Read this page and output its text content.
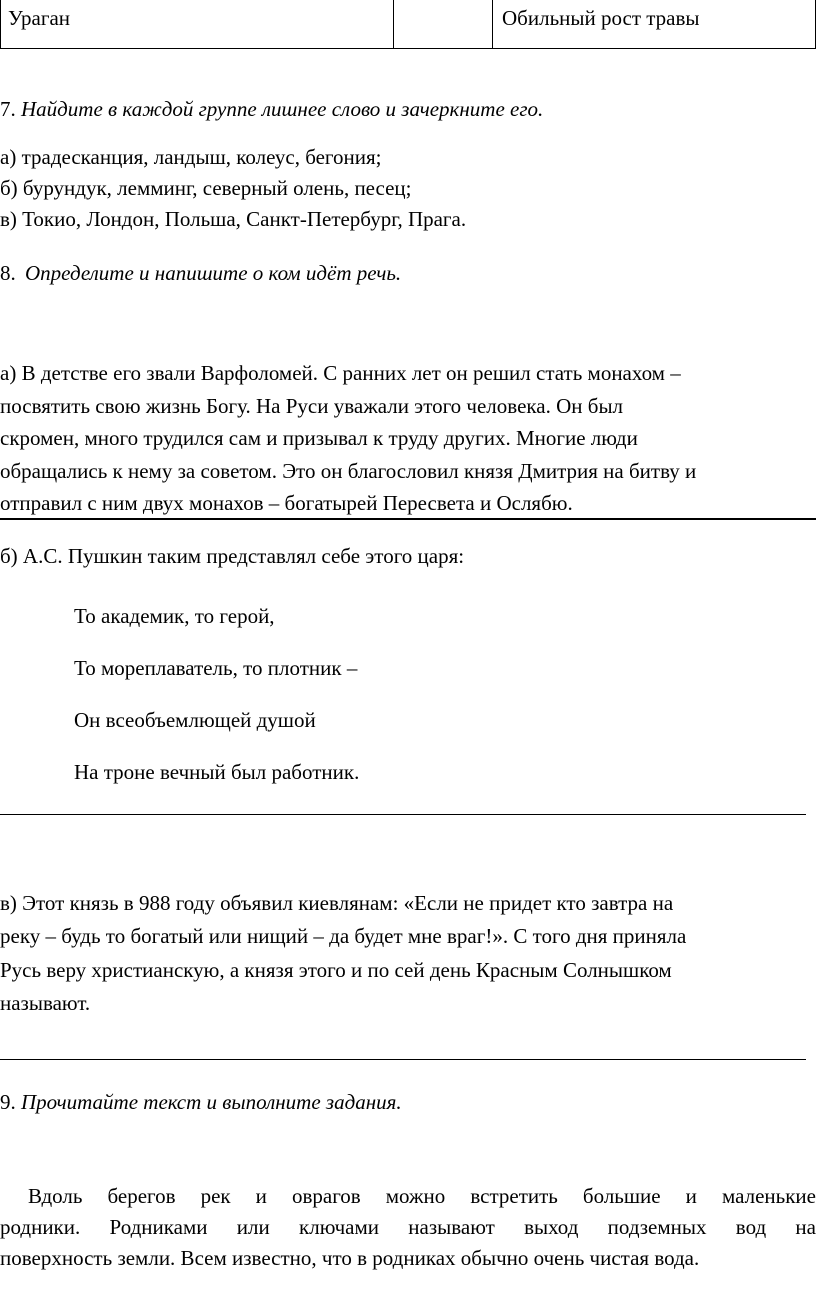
Ураган	Обильный рост травы
7. Найдите в каждой группе лишнее слово и зачеркните его.
а) традесканция, ландыш, колеус, бегония;
б) бурундук, лемминг, северный олень, песец;
в) Токио, Лондон, Польша, Санкт-Петербург, Прага.
8. Определите и напишите о ком идёт речь.
а) В детстве его звали Варфоломей. С ранних лет он решил стать монахом –
посвятить свою жизнь Богу. На Руси уважали этого человека. Он был
скромен, много трудился сам и призывал к труду других. Многие люди
обращались к нему за советом. Это он благословил князя Дмитрия на битву и
отправил с ним двух монахов – богатырей Пересвета и Ослябю.
б) А.С. Пушкин таким представлял себе этого царя:
То академик, то герой,
То мореплаватель, то плотник –
Он всеобъемлющей душой
На троне вечный был работник.
в) Этот князь в 988 году объявил киевлянам: «Если не придет кто завтра на
реку – будь то богатый или нищий – да будет мне враг!». С того дня приняла
Русь веру христианскую, а князя этого и по сей день Красным Солнышком
называют.
9. Прочитайте текст и выполните задания.
Вдоль берегов рек и оврагов можно встретить большие и маленькие
родники. Родниками или ключами называют выход подземных вод на
поверхность земли. Всем известно, что в родниках обычно очень чистая вода.
